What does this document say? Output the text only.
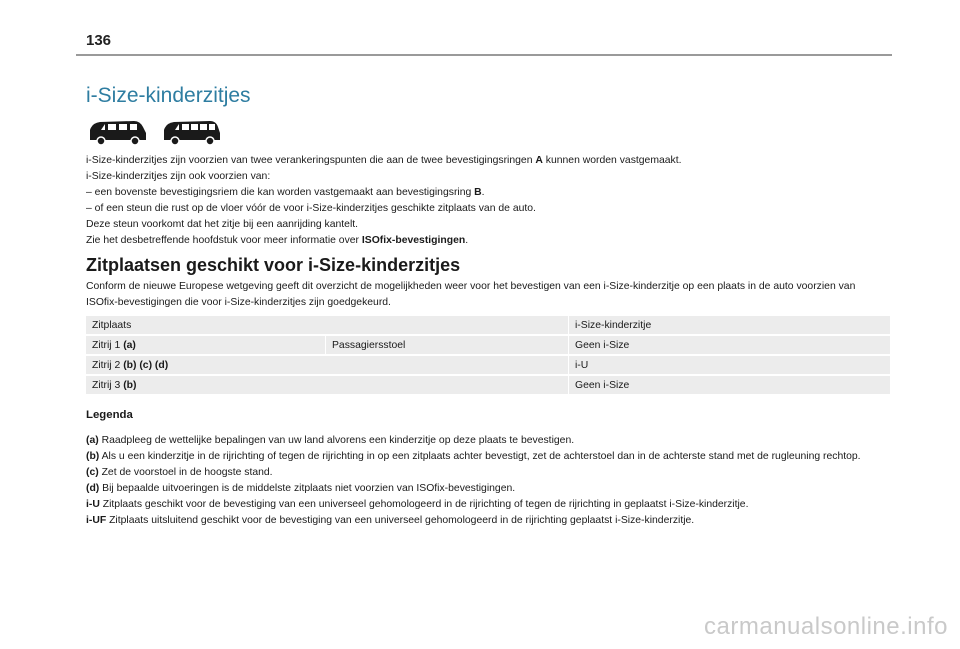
136
i-Size-kinderzitjes

i-Size-kinderzitjes zijn voorzien van twee verankeringspunten die aan de twee bevestigingsringen A kunnen worden vastgemaakt.

i-Size-kinderzitjes zijn ook voorzien van:

– een bovenste bevestigingsriem die kan worden vastgemaakt aan bevestigingsring B.

– of een steun die rust op de vloer vóór de voor i-Size-kinderzitjes geschikte zitplaats van de auto.

Deze steun voorkomt dat het zitje bij een aanrijding kantelt.

Zie het desbetreffende hoofdstuk voor meer informatie over ISOfix-bevestigingen.

Zitplaatsen geschikt voor i-Size-kinderzitjes

Conform de nieuwe Europese wetgeving geeft dit overzicht de mogelijkheden weer voor het bevestigen van een i-Size-kinderzitje op een plaats in de auto voorzien van ISOfix-bevestigingen die voor i-Size-kinderzitjes zijn goedgekeurd.

Zitplaats		i-Size-kinderzitje
Zitrij 1 (a)	Passagiersstoel	Geen i-Size
Zitrij 2 (b) (c) (d)		i-U
Zitrij 3 (b)		Geen i-Size
Legenda

(a) Raadpleeg de wettelijke bepalingen van uw land alvorens een kinderzitje op deze plaats te bevestigen.

(b) Als u een kinderzitje in de rijrichting of tegen de rijrichting in op een zitplaats achter bevestigt, zet de achterstoel dan in de achterste stand met de rugleuning rechtop.

(c) Zet de voorstoel in de hoogste stand.

(d) Bij bepaalde uitvoeringen is de middelste zitplaats niet voorzien van ISOfix-bevestigingen.

i-U Zitplaats geschikt voor de bevestiging van een universeel gehomologeerd in de rijrichting of tegen de rijrichting in geplaatst i-Size-kinderzitje.

i-UF Zitplaats uitsluitend geschikt voor de bevestiging van een universeel gehomologeerd in de rijrichting geplaatst i-Size-kinderzitje.

carmanualsonline.info
